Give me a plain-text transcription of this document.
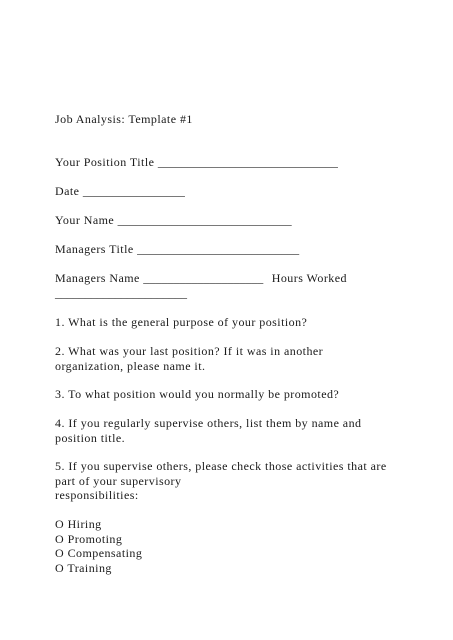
Job Analysis: Template #1
Your Position Title ______________________________
Date _________________
Your Name _____________________________
Managers Title ___________________________
Managers Name ____________________ Hours Worked
______________________
1. What is the general purpose of your position?
2. What was your last position? If it was in another
organization, please name it.
3. To what position would you normally be promoted?
4. If you regularly supervise others, list them by name and
position title.
5. If you supervise others, please check those activities that are
part of your supervisory
responsibilities:
O Hiring
O Promoting
O Compensating
O Training
